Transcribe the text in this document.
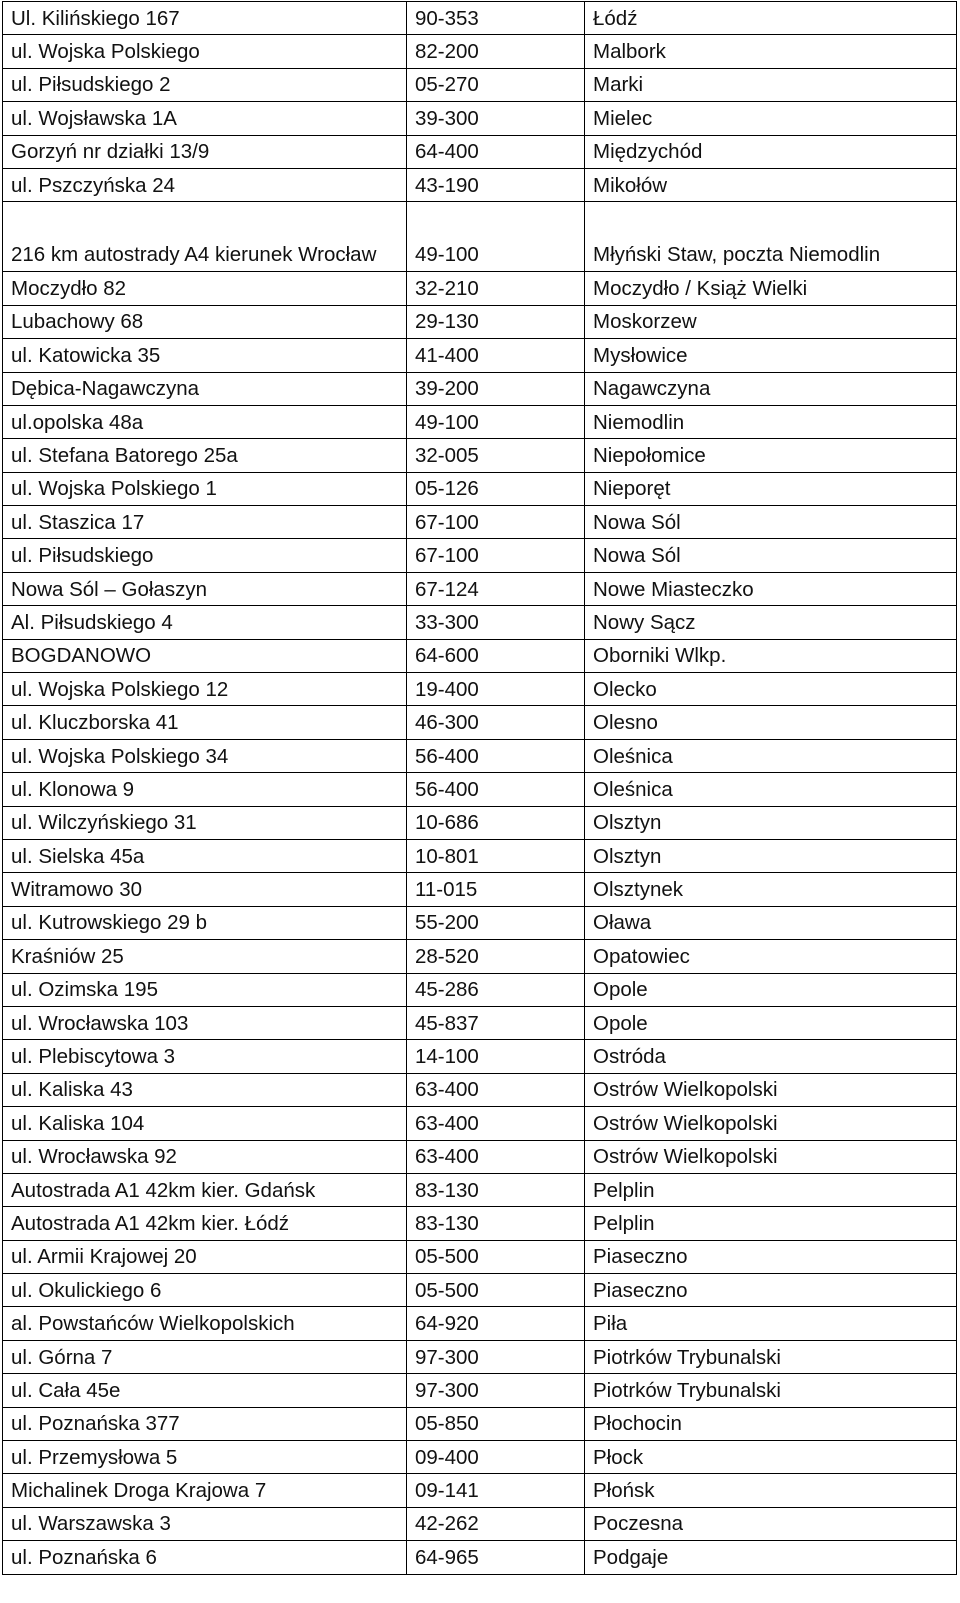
Ul. Kilińskiego 167	90-353	Łódź
ul. Wojska Polskiego	82-200	Malbork
ul. Piłsudskiego 2	05-270	Marki
ul. Wojsławska 1A	39-300	Mielec
Gorzyń nr działki 13/9	64-400	Międzychód
ul. Pszczyńska 24	43-190	Mikołów
216 km autostrady A4 kierunek Wrocław	49-100	Młyński Staw, poczta Niemodlin
Moczydło 82	32-210	Moczydło / Książ Wielki
Lubachowy 68	29-130	Moskorzew
ul. Katowicka 35	41-400	Mysłowice
Dębica-Nagawczyna	39-200	Nagawczyna
ul.opolska 48a	49-100	Niemodlin
ul. Stefana Batorego 25a	32-005	Niepołomice
ul. Wojska Polskiego 1	05-126	Nieporęt
ul. Staszica 17	67-100	Nowa Sól
ul. Piłsudskiego	67-100	Nowa Sól
Nowa Sól – Gołaszyn	67-124	Nowe Miasteczko
Al. Piłsudskiego 4	33-300	Nowy Sącz
BOGDANOWO	64-600	Oborniki Wlkp.
ul. Wojska Polskiego 12	19-400	Olecko
ul. Kluczborska 41	46-300	Olesno
ul. Wojska Polskiego 34	56-400	Oleśnica
ul. Klonowa 9	56-400	Oleśnica
ul. Wilczyńskiego 31	10-686	Olsztyn
ul. Sielska 45a	10-801	Olsztyn
Witramowo 30	11-015	Olsztynek
ul. Kutrowskiego 29 b	55-200	Oława
Kraśniów 25	28-520	Opatowiec
ul. Ozimska 195	45-286	Opole
ul. Wrocławska 103	45-837	Opole
ul. Plebiscytowa 3	14-100	Ostróda
ul. Kaliska 43	63-400	Ostrów Wielkopolski
ul. Kaliska 104	63-400	Ostrów Wielkopolski
ul. Wrocławska 92	63-400	Ostrów Wielkopolski
Autostrada A1 42km kier. Gdańsk	83-130	Pelplin
Autostrada A1 42km kier. Łódź	83-130	Pelplin
ul. Armii Krajowej 20	05-500	Piaseczno
ul. Okulickiego 6	05-500	Piaseczno
al. Powstańców Wielkopolskich	64-920	Piła
ul. Górna 7	97-300	Piotrków Trybunalski
ul. Cała 45e	97-300	Piotrków Trybunalski
ul. Poznańska 377	05-850	Płochocin
ul. Przemysłowa 5	09-400	Płock
Michalinek Droga Krajowa 7	09-141	Płońsk
ul. Warszawska 3	42-262	Poczesna
ul. Poznańska 6	64-965	Podgaje
